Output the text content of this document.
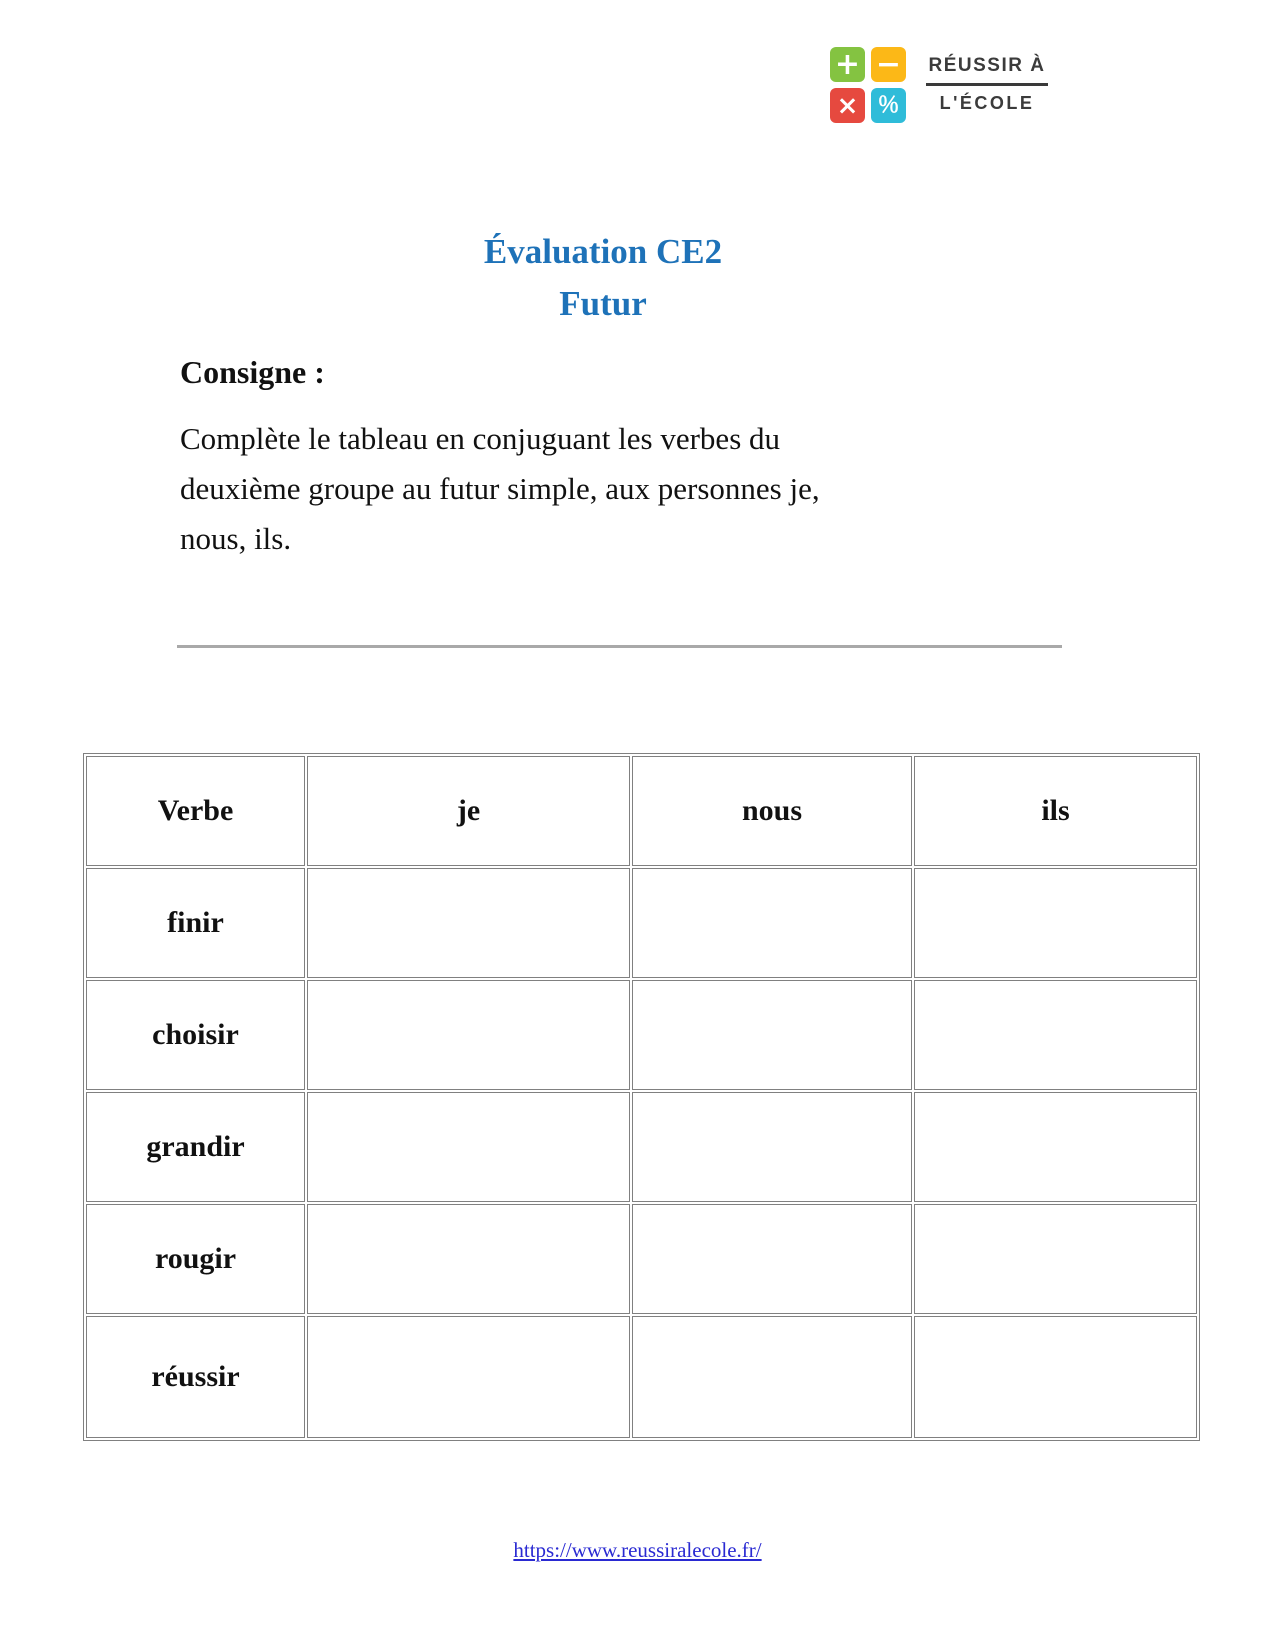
+ −
× ％
RÉUSSIR À
L'ÉCOLE
Évaluation CE2
Futur
Consigne :
Complète le tableau en conjuguant les verbes du
deuxième groupe au futur simple, aux personnes je,
nous, ils.
Verbe	je	nous	ils
finir			
choisir			
grandir			
rougir			
réussir			
https://www.reussiralecole.fr/
